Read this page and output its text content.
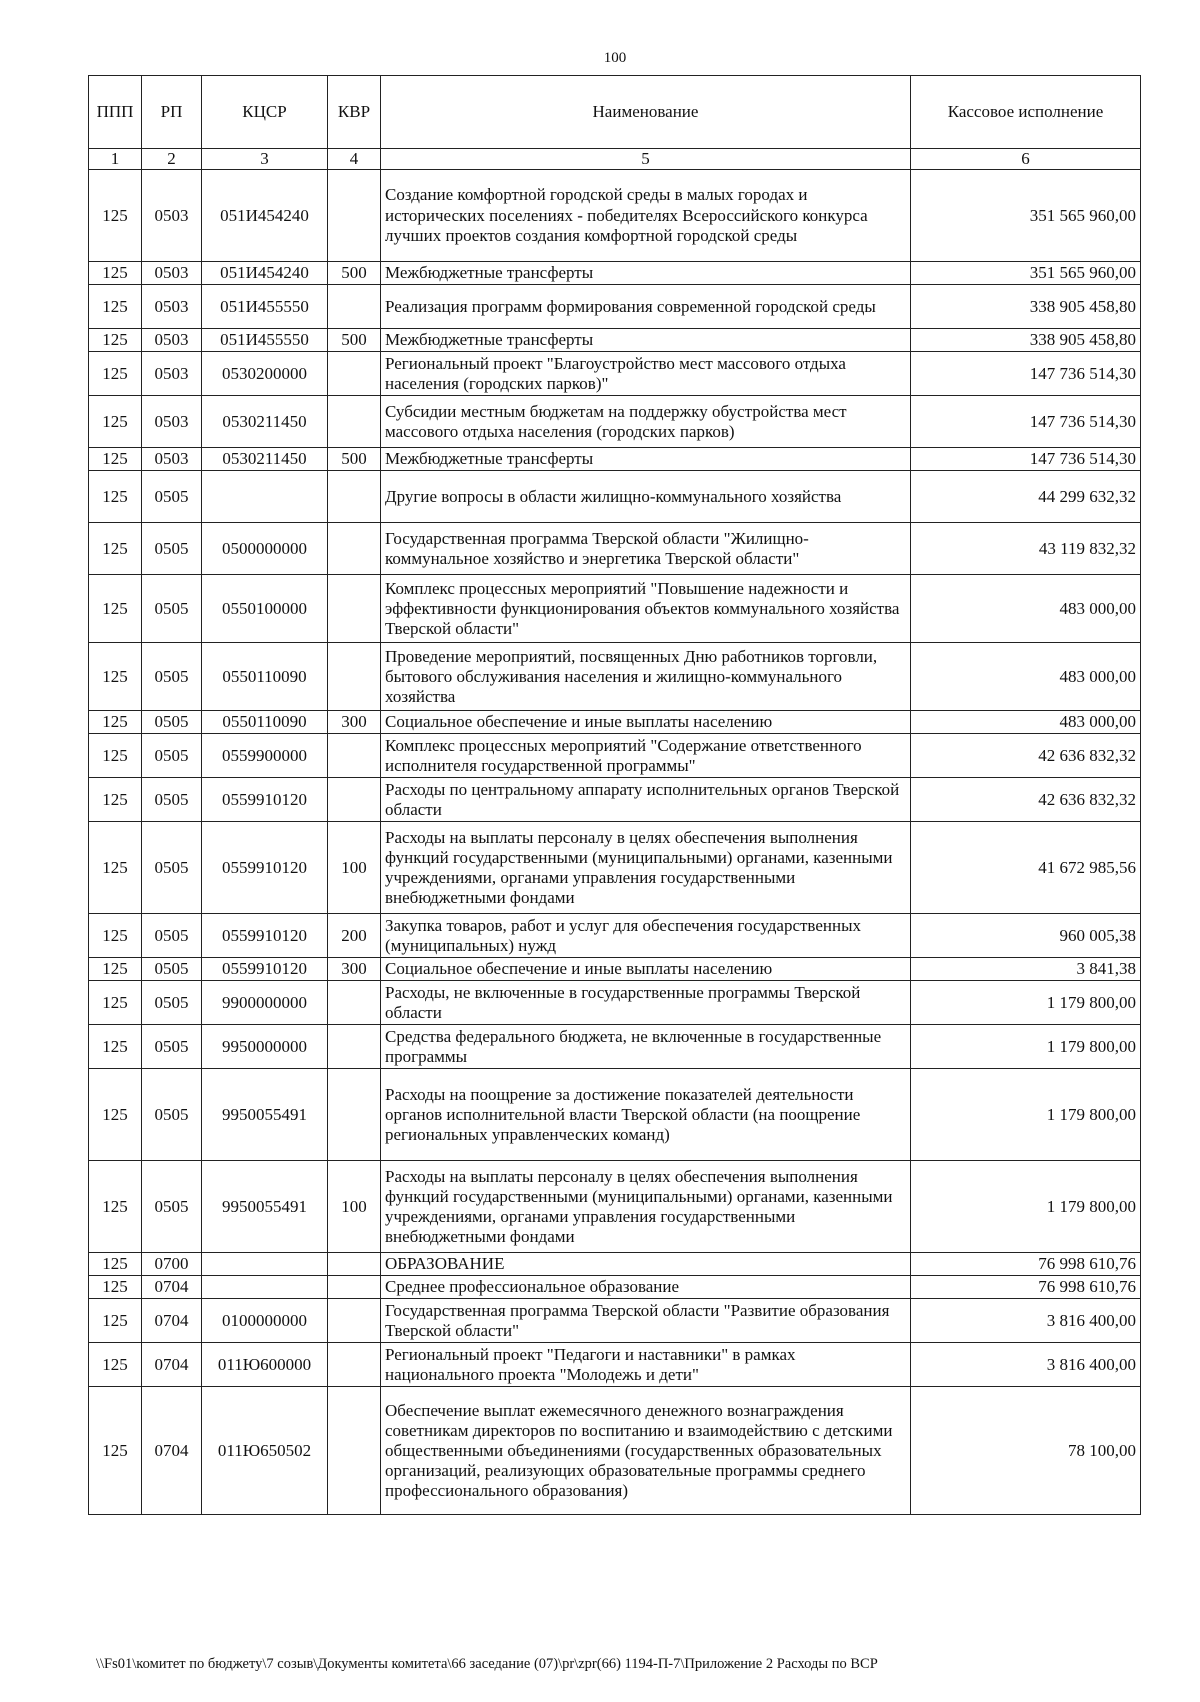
100
ППП	РП	КЦСР	КВР	Наименование	Кассовое исполнение
1	2	3	4	5	6
125	0503	051И454240		Создание комфортной городской среды в малых городах и исторических поселениях - победителях Всероссийского конкурса лучших проектов создания комфортной городской среды	351 565 960,00
125	0503	051И454240	500	Межбюджетные трансферты	351 565 960,00
125	0503	051И455550		Реализация программ формирования современной городской среды	338 905 458,80
125	0503	051И455550	500	Межбюджетные трансферты	338 905 458,80
125	0503	0530200000		Региональный проект "Благоустройство мест массового отдыха населения (городских парков)"	147 736 514,30
125	0503	0530211450		Субсидии местным бюджетам на поддержку обустройства мест массового отдыха населения (городских парков)	147 736 514,30
125	0503	0530211450	500	Межбюджетные трансферты	147 736 514,30
125	0505			Другие вопросы в области жилищно-коммунального хозяйства	44 299 632,32
125	0505	0500000000		Государственная программа Тверской области "Жилищно-коммунальное хозяйство и энергетика Тверской области"	43 119 832,32
125	0505	0550100000		Комплекс процессных мероприятий "Повышение надежности и эффективности функционирования объектов коммунального хозяйства Тверской области"	483 000,00
125	0505	0550110090		Проведение мероприятий, посвященных Дню работников торговли, бытового обслуживания населения и жилищно-коммунального хозяйства	483 000,00
125	0505	0550110090	300	Социальное обеспечение и иные выплаты населению	483 000,00
125	0505	0559900000		Комплекс процессных мероприятий "Содержание ответственного исполнителя государственной программы"	42 636 832,32
125	0505	0559910120		Расходы по центральному аппарату исполнительных органов Тверской области	42 636 832,32
125	0505	0559910120	100	Расходы на выплаты персоналу в целях обеспечения выполнения функций государственными (муниципальными) органами, казенными учреждениями, органами управления государственными внебюджетными фондами	41 672 985,56
125	0505	0559910120	200	Закупка товаров, работ и услуг для обеспечения государственных (муниципальных) нужд	960 005,38
125	0505	0559910120	300	Социальное обеспечение и иные выплаты населению	3 841,38
125	0505	9900000000		Расходы, не включенные в государственные программы Тверской области	1 179 800,00
125	0505	9950000000		Средства федерального бюджета, не включенные в государственные программы	1 179 800,00
125	0505	9950055491		Расходы на поощрение за достижение показателей деятельности органов исполнительной власти Тверской области (на поощрение региональных управленческих команд)	1 179 800,00
125	0505	9950055491	100	Расходы на выплаты персоналу в целях обеспечения выполнения функций государственными (муниципальными) органами, казенными учреждениями, органами управления государственными внебюджетными фондами	1 179 800,00
125	0700			ОБРАЗОВАНИЕ	76 998 610,76
125	0704			Среднее профессиональное образование	76 998 610,76
125	0704	0100000000		Государственная программа Тверской области "Развитие образования Тверской области"	3 816 400,00
125	0704	011Ю600000		Региональный проект "Педагоги и наставники" в рамках национального проекта "Молодежь и дети"	3 816 400,00
125	0704	011Ю650502		Обеспечение выплат ежемесячного денежного вознаграждения советникам директоров по воспитанию и взаимодействию с детскими общественными объединениями (государственных образовательных организаций, реализующих образовательные программы среднего профессионального образования)	78 100,00
\\Fs01\комитет по бюджету\7 созыв\Документы комитета\66 заседание (07)\pr\zpr(66) 1194-П-7\Приложение 2 Расходы по ВСР
